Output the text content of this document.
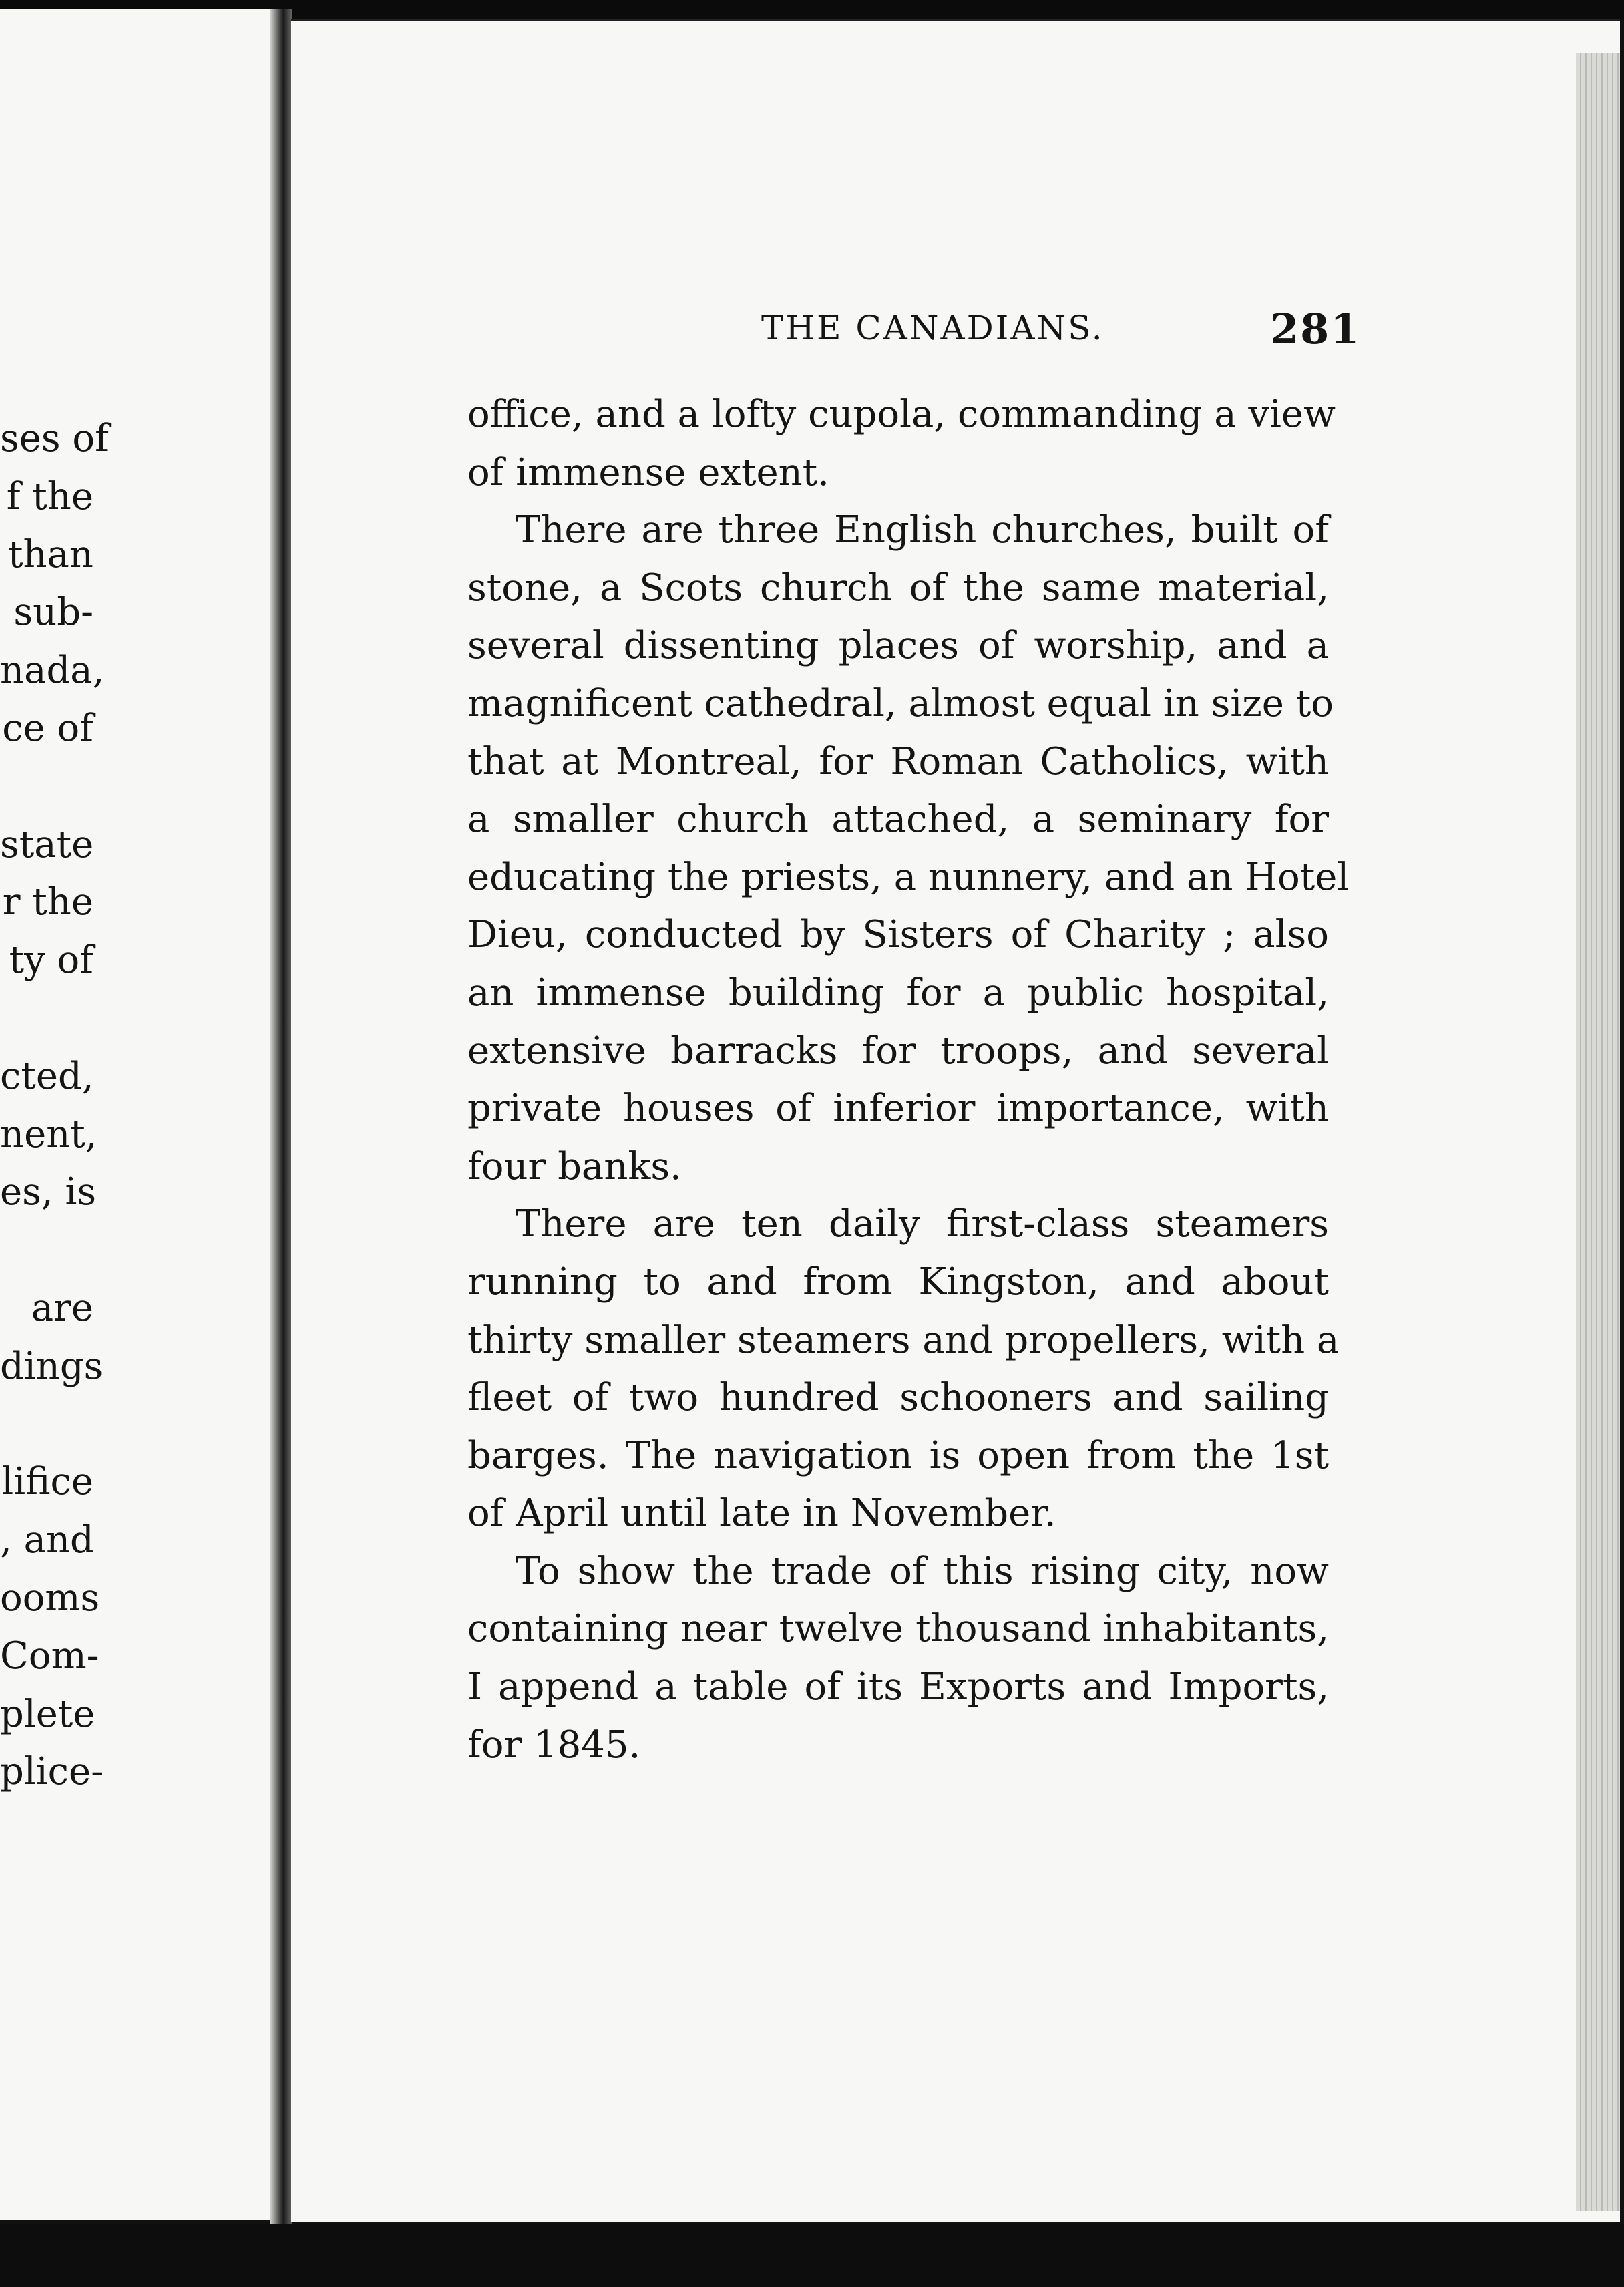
ses of
f the
than
sub-
nada,
ce of
state
r the
ty of
cted,
nent,
es, is
are
dings
lifice
, and
ooms
Com-
plete
plice-
THE CANADIANS.	281
office, and a lofty cupola, commanding a view
of immense extent.
There are three English churches, built of
stone, a Scots church of the same material,
several dissenting places of worship, and a
magnificent cathedral, almost equal in size to
that at Montreal, for Roman Catholics, with
a smaller church attached, a seminary for
educating the priests, a nunnery, and an Hotel
Dieu, conducted by Sisters of Charity ; also
an immense building for a public hospital,
extensive barracks for troops, and several
private houses of inferior importance, with
four banks.
There are ten daily first-class steamers
running to and from Kingston, and about
thirty smaller steamers and propellers, with a
fleet of two hundred schooners and sailing
barges. The navigation is open from the 1st
of April until late in November.
To show the trade of this rising city, now
containing near twelve thousand inhabitants,
I append a table of its Exports and Imports,
for 1845.
